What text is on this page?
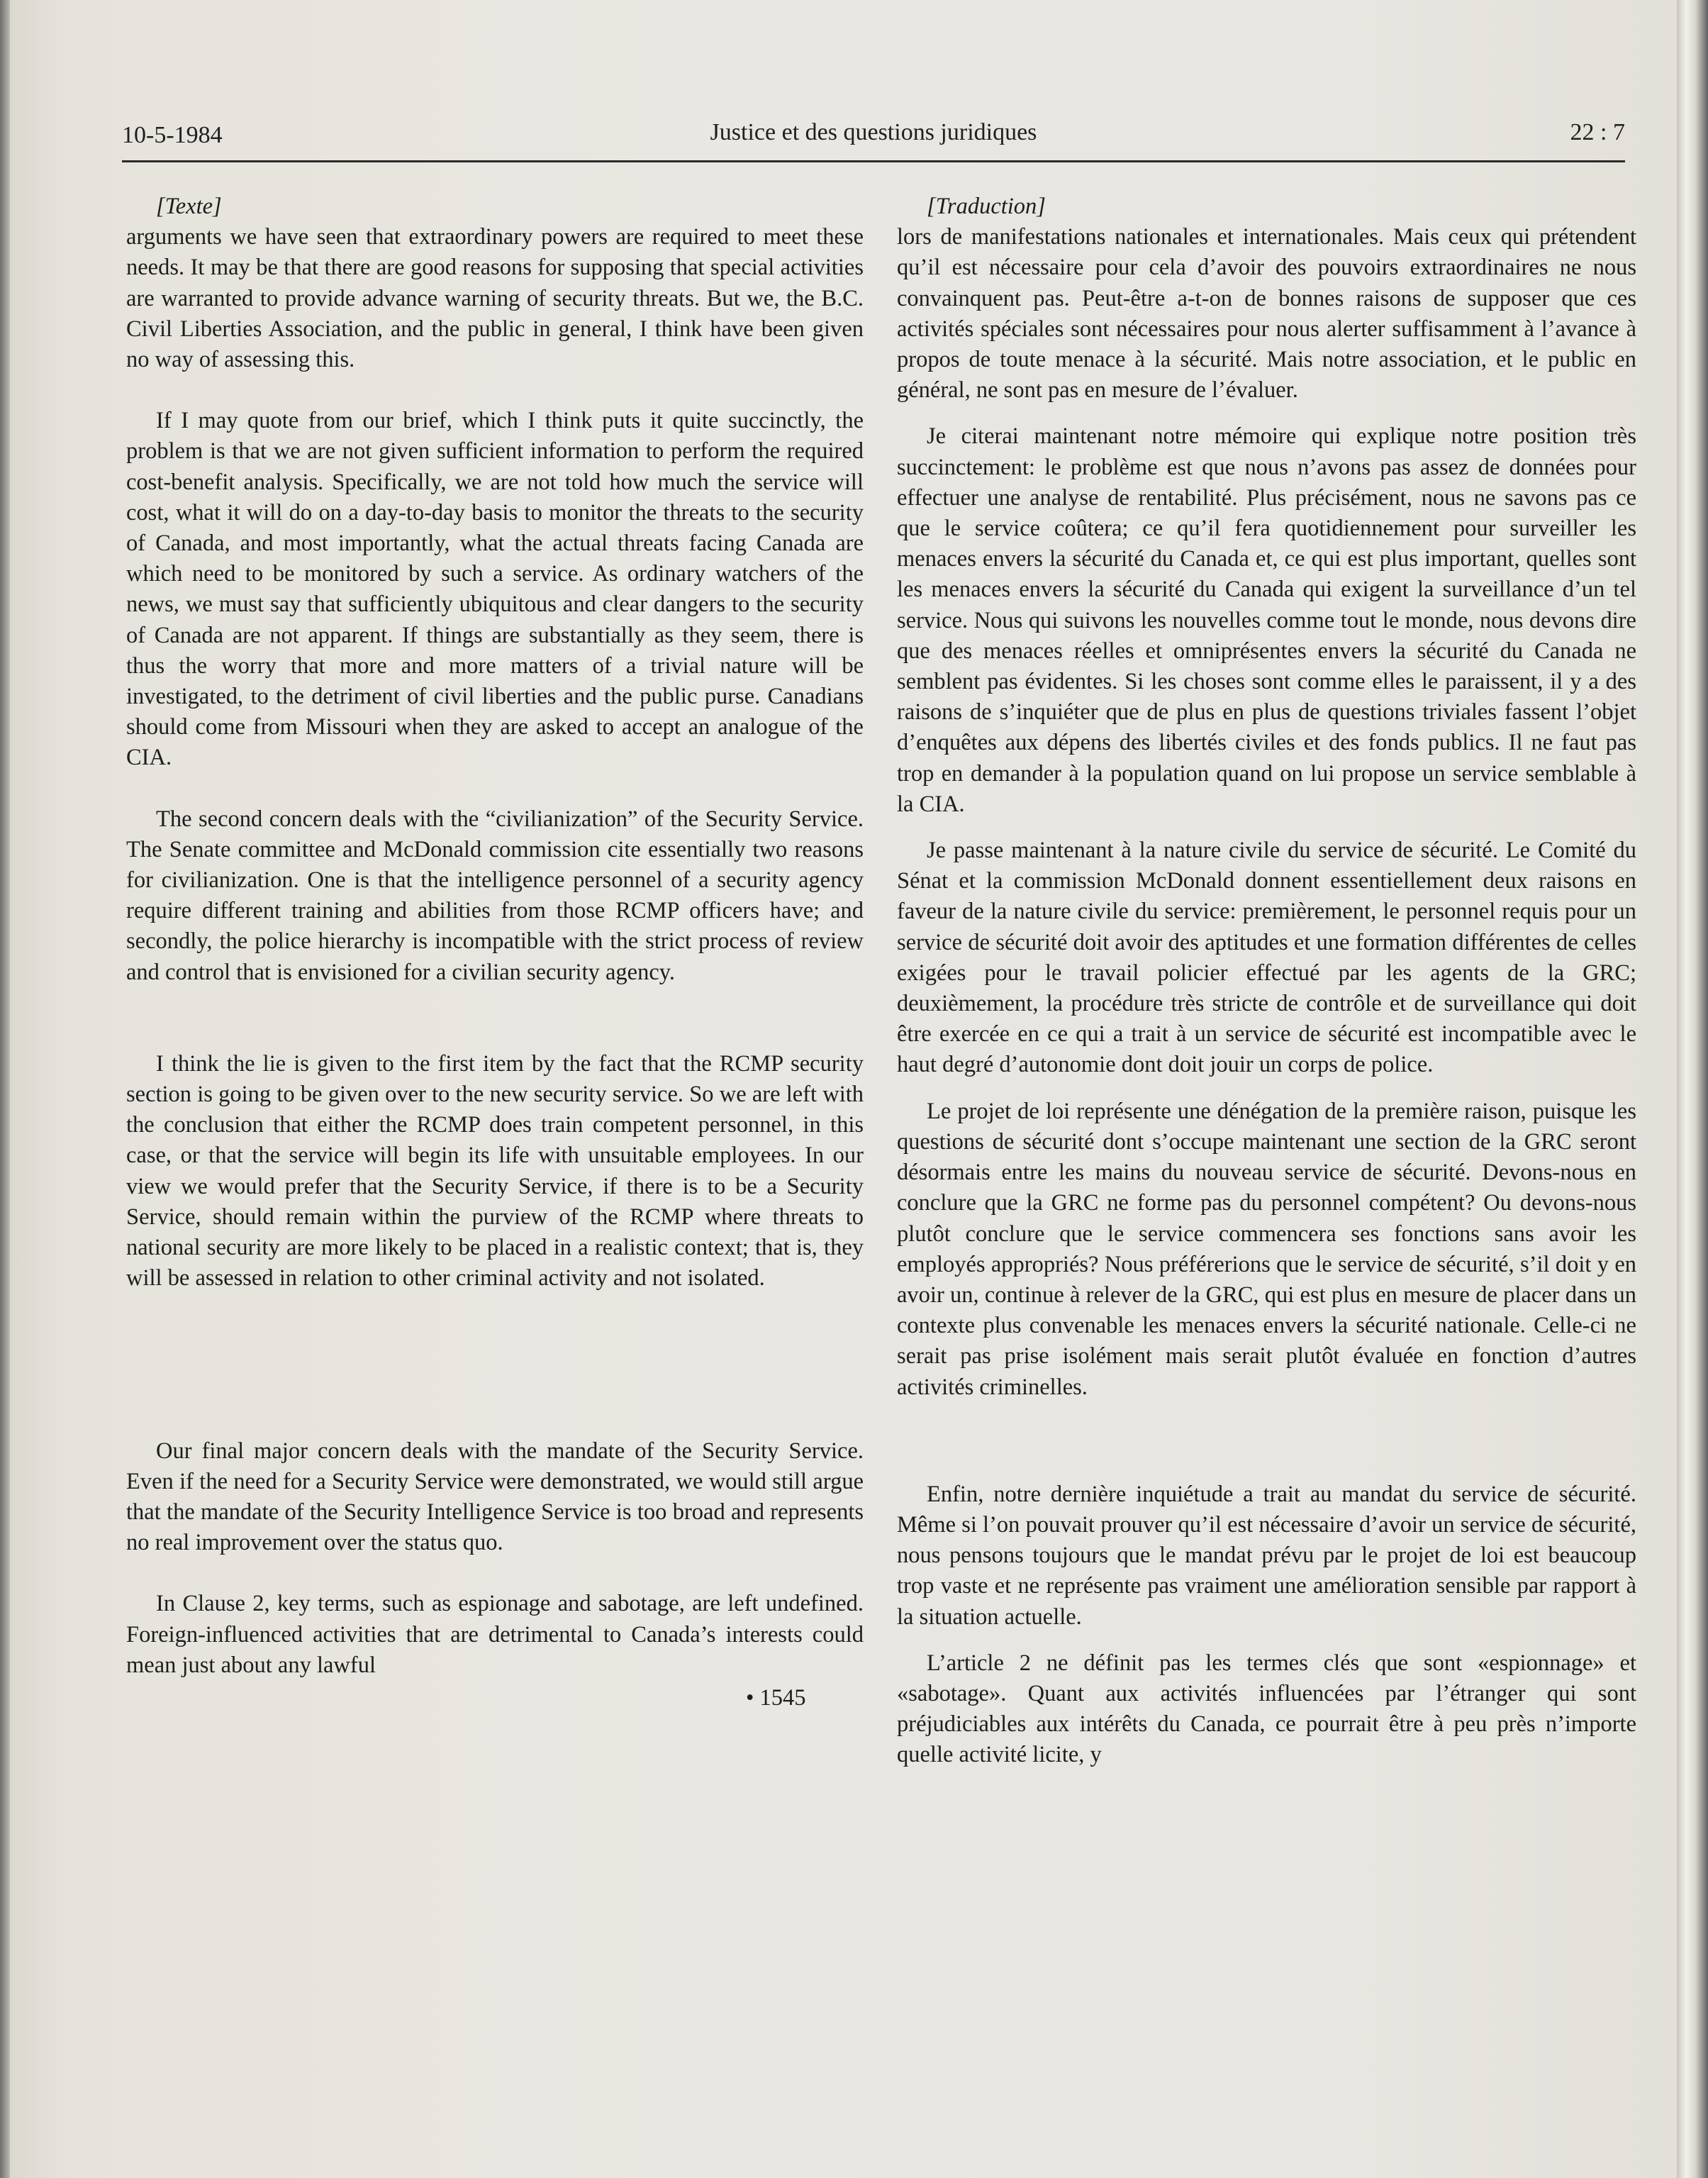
10-5-1984	Justice et des questions juridiques	22 : 7

[Texte]

arguments we have seen that extraordinary powers are required to meet these needs. It may be that there are good reasons for supposing that special activities are warranted to provide advance warning of security threats. But we, the B.C. Civil Liberties Association, and the public in general, I think have been given no way of assessing this.

If I may quote from our brief, which I think puts it quite succinctly, the problem is that we are not given sufficient information to perform the required cost-benefit analysis. Specifically, we are not told how much the service will cost, what it will do on a day-to-day basis to monitor the threats to the security of Canada, and most importantly, what the actual threats facing Canada are which need to be monitored by such a service. As ordinary watchers of the news, we must say that sufficiently ubiquitous and clear dangers to the security of Canada are not apparent. If things are substantially as they seem, there is thus the worry that more and more matters of a trivial nature will be investigated, to the detriment of civil liberties and the public purse. Canadians should come from Missouri when they are asked to accept an analogue of the CIA.

The second concern deals with the “civilianization” of the Security Service. The Senate committee and McDonald commission cite essentially two reasons for civilianization. One is that the intelligence personnel of a security agency require different training and abilities from those RCMP officers have; and secondly, the police hierarchy is incompatible with the strict process of review and control that is envisioned for a civilian security agency.

I think the lie is given to the first item by the fact that the RCMP security section is going to be given over to the new security service. So we are left with the conclusion that either the RCMP does train competent personnel, in this case, or that the service will begin its life with unsuitable employees. In our view we would prefer that the Security Service, if there is to be a Security Service, should remain within the purview of the RCMP where threats to national security are more likely to be placed in a realistic context; that is, they will be assessed in relation to other criminal activity and not isolated.

Our final major concern deals with the mandate of the Security Service. Even if the need for a Security Service were demonstrated, we would still argue that the mandate of the Security Intelligence Service is too broad and represents no real improvement over the status quo.

In Clause 2, key terms, such as espionage and sabotage, are left undefined. Foreign-influenced activities that are detrimental to Canada’s interests could mean just about any lawful

• 1545

[Traduction]

lors de manifestations nationales et internationales. Mais ceux qui prétendent qu’il est nécessaire pour cela d’avoir des pouvoirs extraordinaires ne nous convainquent pas. Peut-être a-t-on de bonnes raisons de supposer que ces activités spéciales sont nécessaires pour nous alerter suffisamment à l’avance à propos de toute menace à la sécurité. Mais notre association, et le public en général, ne sont pas en mesure de l’évaluer.

Je citerai maintenant notre mémoire qui explique notre position très succinctement: le problème est que nous n’avons pas assez de données pour effectuer une analyse de rentabilité. Plus précisément, nous ne savons pas ce que le service coûtera; ce qu’il fera quotidiennement pour surveiller les menaces envers la sécurité du Canada et, ce qui est plus important, quelles sont les menaces envers la sécurité du Canada qui exigent la surveillance d’un tel service. Nous qui suivons les nouvelles comme tout le monde, nous devons dire que des menaces réelles et omniprésentes envers la sécurité du Canada ne semblent pas évidentes. Si les choses sont comme elles le paraissent, il y a des raisons de s’inquiéter que de plus en plus de questions triviales fassent l’objet d’enquêtes aux dépens des libertés civiles et des fonds publics. Il ne faut pas trop en demander à la population quand on lui propose un service semblable à la CIA.

Je passe maintenant à la nature civile du service de sécurité. Le Comité du Sénat et la commission McDonald donnent essentiellement deux raisons en faveur de la nature civile du service: premièrement, le personnel requis pour un service de sécurité doit avoir des aptitudes et une formation différentes de celles exigées pour le travail policier effectué par les agents de la GRC; deuxièmement, la procédure très stricte de contrôle et de surveillance qui doit être exercée en ce qui a trait à un service de sécurité est incompatible avec le haut degré d’autonomie dont doit jouir un corps de police.

Le projet de loi représente une dénégation de la première raison, puisque les questions de sécurité dont s’occupe maintenant une section de la GRC seront désormais entre les mains du nouveau service de sécurité. Devons-nous en conclure que la GRC ne forme pas du personnel compétent? Ou devons-nous plutôt conclure que le service commencera ses fonctions sans avoir les employés appropriés? Nous préférerions que le service de sécurité, s’il doit y en avoir un, continue à relever de la GRC, qui est plus en mesure de placer dans un contexte plus convenable les menaces envers la sécurité nationale. Celle-ci ne serait pas prise isolément mais serait plutôt évaluée en fonction d’autres activités criminelles.

Enfin, notre dernière inquiétude a trait au mandat du service de sécurité. Même si l’on pouvait prouver qu’il est nécessaire d’avoir un service de sécurité, nous pensons toujours que le mandat prévu par le projet de loi est beaucoup trop vaste et ne représente pas vraiment une amélioration sensible par rapport à la situation actuelle.

L’article 2 ne définit pas les termes clés que sont «espionnage» et «sabotage». Quant aux activités influencées par l’étranger qui sont préjudiciables aux intérêts du Canada, ce pourrait être à peu près n’importe quelle activité licite, y
